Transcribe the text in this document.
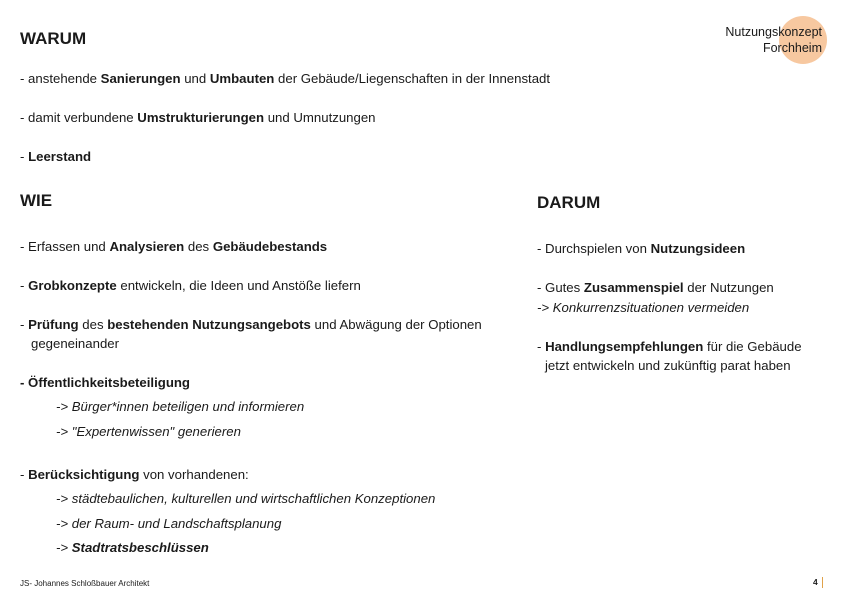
Nutzungskonzept
Forchheim
WARUM
- anstehende Sanierungen und Umbauten der Gebäude/Liegenschaften in der Innenstadt
- damit verbundene Umstrukturierungen und Umnutzungen
- Leerstand
WIE
- Erfassen und Analysieren des Gebäudebestands
- Grobkonzepte entwickeln, die Ideen und Anstöße liefern
- Prüfung des bestehenden Nutzungsangebots und Abwägung der Optionen
gegeneinander
- Öffentlichkeitsbeteiligung
-> Bürger*innen beteiligen und informieren
-> "Expertenwissen" generieren
- Berücksichtigung von vorhandenen:
-> städtebaulichen, kulturellen und wirtschaftlichen Konzeptionen
-> der Raum- und Landschaftsplanung
-> Stadtratsbeschlüssen
DARUM
- Durchspielen von Nutzungsideen
- Gutes Zusammenspiel der Nutzungen
-> Konkurrenzsituationen vermeiden
- Handlungsempfehlungen für die Gebäude
jetzt entwickeln und zukünftig parat haben
JS- Johannes Schloßbauer Architekt	4
